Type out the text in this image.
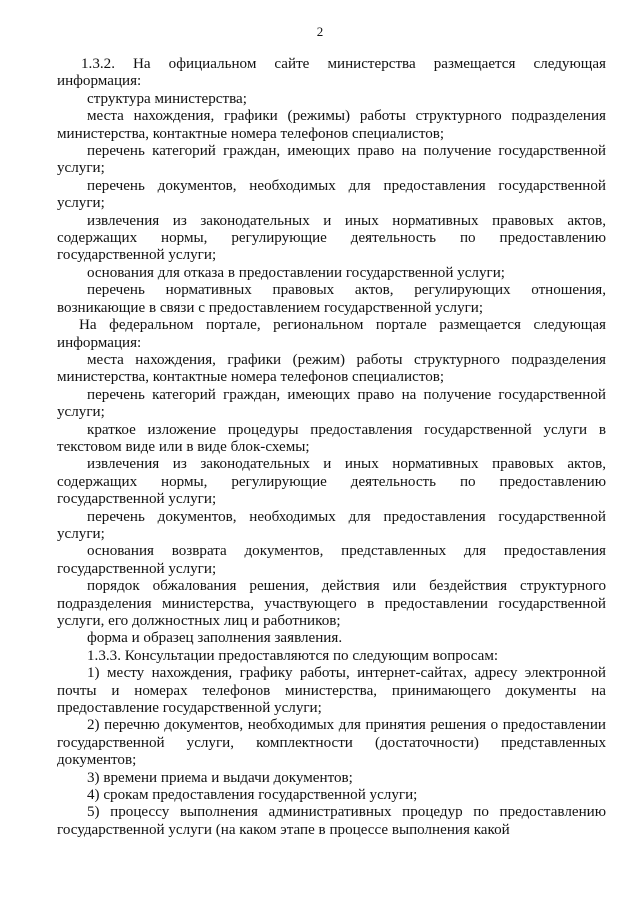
2

1.3.2. На официальном сайте министерства размещается следующая информация:

структура министерства;

места нахождения, графики (режимы) работы структурного подразделения министерства, контактные номера телефонов специалистов;

перечень категорий граждан, имеющих право на получение государственной услуги;

перечень документов, необходимых для предоставления государственной услуги;

извлечения из законодательных и иных нормативных правовых актов, содержащих нормы, регулирующие деятельность по предоставлению государственной услуги;

основания для отказа в предоставлении государственной услуги;

перечень нормативных правовых актов, регулирующих отношения, возникающие в связи с предоставлением государственной услуги;

На федеральном портале, региональном портале размещается следующая информация:

места нахождения, графики (режим) работы структурного подразделения министерства, контактные номера телефонов специалистов;

перечень категорий граждан, имеющих право на получение государственной услуги;

краткое изложение процедуры предоставления государственной услуги в текстовом виде или в виде блок-схемы;

извлечения из законодательных и иных нормативных правовых актов, содержащих нормы, регулирующие деятельность по предоставлению государственной услуги;

перечень документов, необходимых для предоставления государственной услуги;

основания возврата документов, представленных для предоставления государственной услуги;

порядок обжалования решения, действия или бездействия структурного подразделения министерства, участвующего в предоставлении государственной услуги, его должностных лиц и работников;

форма и образец заполнения заявления.

1.3.3. Консультации предоставляются по следующим вопросам:

1) месту нахождения, графику работы, интернет-сайтах, адресу электронной почты и номерах телефонов министерства, принимающего документы на предоставление государственной услуги;

2) перечню документов, необходимых для принятия решения о предоставлении государственной услуги, комплектности (достаточности) представленных документов;

3) времени приема и выдачи документов;

4) срокам предоставления государственной услуги;

5) процессу выполнения административных процедур по предоставлению государственной услуги (на каком этапе в процессе выполнения какой
